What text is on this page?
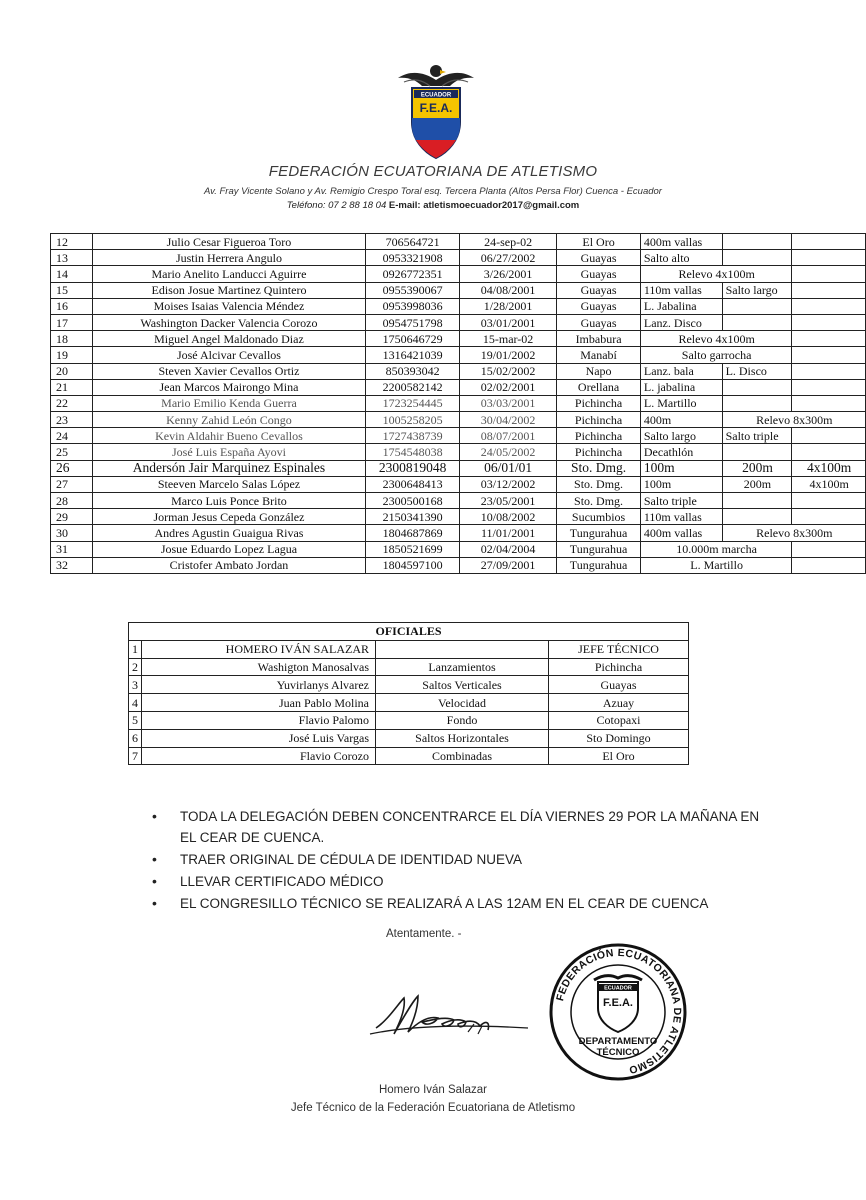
ECUADOR
F.E.A.
FEDERACIÓN ECUATORIANA DE ATLETISMO
Av. Fray Vicente Solano y Av. Remigio Crespo Toral esq. Tercera Planta (Altos Persa Flor) Cuenca - Ecuador
Teléfono: 07 2 88 18 04 E-mail: atletismoecuador2017@gmail.com
12	Julio Cesar Figueroa Toro	706564721	24-sep-02	El Oro	400m vallas		
13	Justin Herrera Angulo	0953321908	06/27/2002	Guayas	Salto alto		
14	Mario Anelito Landucci Aguirre	0926772351	3/26/2001	Guayas	Relevo 4x100m		
15	Edison Josue Martinez Quintero	0955390067	04/08/2001	Guayas	110m vallas	Salto largo	
16	Moises Isaias Valencia Méndez	0953998036	1/28/2001	Guayas	L. Jabalina		
17	Washington Dacker Valencia Corozo	0954751798	03/01/2001	Guayas	Lanz. Disco		
18	Miguel Angel Maldonado Diaz	1750646729	15-mar-02	Imbabura	Relevo 4x100m		
19	José Alcivar Cevallos	1316421039	19/01/2002	Manabí	Salto garrocha		
20	Steven Xavier Cevallos Ortiz	850393042	15/02/2002	Napo	Lanz. bala	L. Disco	
21	Jean Marcos Mairongo Mina	2200582142	02/02/2001	Orellana	L. jabalina		
22	Mario Emilio Kenda Guerra	1723254445	03/03/2001	Pichincha	L. Martillo		
23	Kenny Zahid León Congo	1005258205	30/04/2002	Pichincha	400m	Relevo 8x300m	
24	Kevin Aldahir Bueno Cevallos	1727438739	08/07/2001	Pichincha	Salto largo	Salto triple	
25	José Luis España Ayovi	1754548038	24/05/2002	Pichincha	Decathlón		
26	Andersón Jair Marquinez Espinales	2300819048	06/01/01	Sto. Dmg.	100m	200m	4x100m
27	Steeven Marcelo Salas López	2300648413	03/12/2002	Sto. Dmg.	100m	200m	4x100m
28	Marco Luis Ponce Brito	2300500168	23/05/2001	Sto. Dmg.	Salto triple		
29	Jorman Jesus Cepeda González	2150341390	10/08/2002	Sucumbios	110m vallas		
30	Andres Agustin Guaigua Rivas	1804687869	11/01/2001	Tungurahua	400m vallas	Relevo 8x300m	
31	Josue Eduardo Lopez Lagua	1850521699	02/04/2004	Tungurahua	10.000m marcha		
32	Cristofer Ambato Jordan	1804597100	27/09/2001	Tungurahua	L. Martillo		
OFICIALES			
1	HOMERO IVÁN SALAZAR		JEFE TÉCNICO
2	Washigton Manosalvas	Lanzamientos	Pichincha
3	Yuvirlanys Alvarez	Saltos Verticales	Guayas
4	Juan Pablo Molina	Velocidad	Azuay
5	Flavio Palomo	Fondo	Cotopaxi
6	José Luis Vargas	Saltos Horizontales	Sto Domingo
7	Flavio Corozo	Combinadas	El Oro
• TODA LA DELEGACIÓN DEBEN CONCENTRARCE EL DÍA VIERNES 29 POR LA MAÑANA EN EL CEAR DE CUENCA.
• TRAER ORIGINAL DE CÉDULA DE IDENTIDAD NUEVA
• LLEVAR CERTIFICADO MÉDICO
• EL CONGRESILLO TÉCNICO SE REALIZARÁ A LAS 12AM EN EL CEAR DE CUENCA
Atentamente. -
FEDERACIÓN ECUATORIANA DE ATLETISMO
ECUADOR
F.E.A.
DEPARTAMENTO
TÉCNICO
Homero Iván Salazar
Jefe Técnico de la Federación Ecuatoriana de Atletismo
